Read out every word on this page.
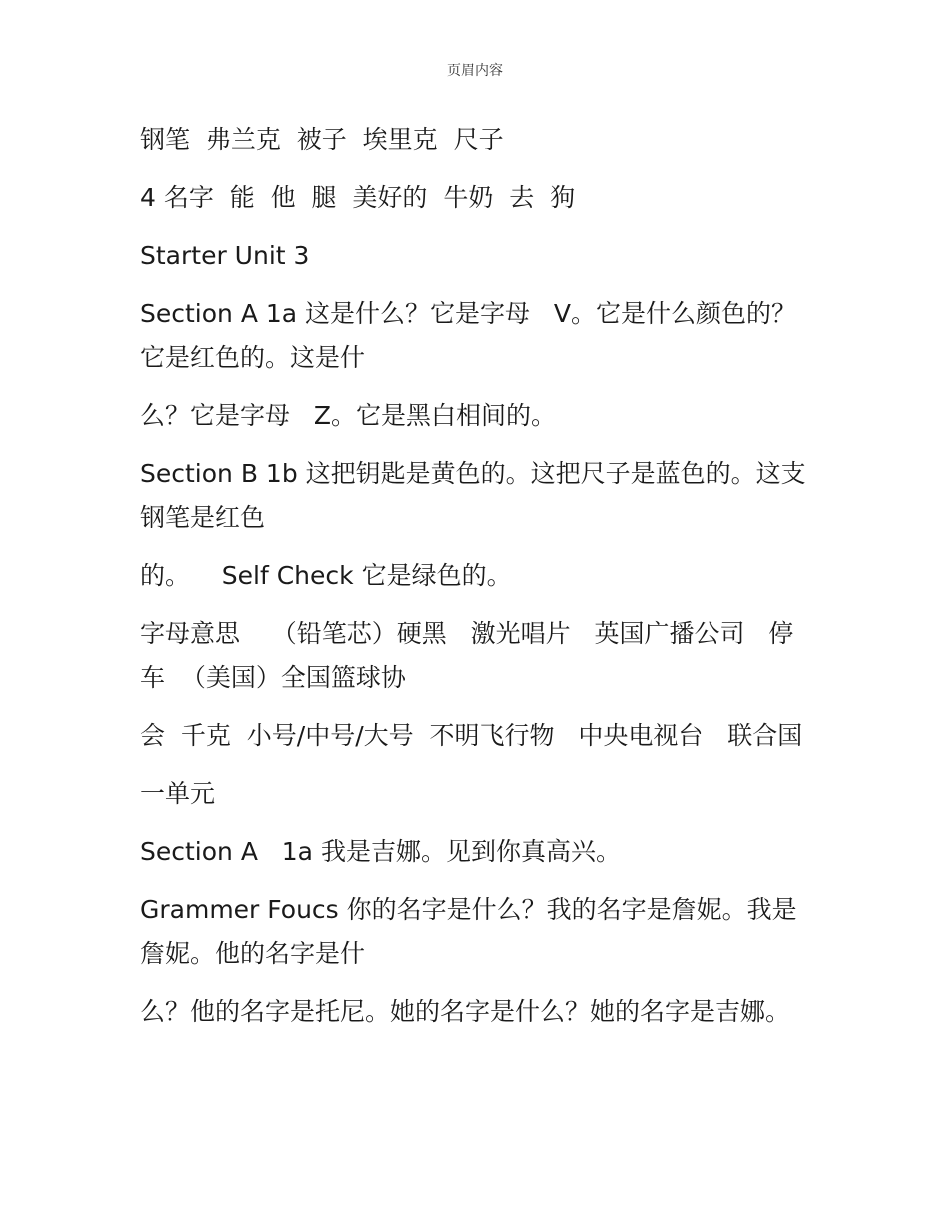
页眉内容

钢笔  弗兰克  被子  埃里克  尺子

4 名字  能  他  腿  美好的  牛奶  去  狗

Starter Unit 3

Section A 1a 这是什么？它是字母   V。它是什么颜色的？它是红色的。这是什

么？它是字母   Z。它是黑白相间的。

Section B 1b 这把钥匙是黄色的。这把尺子是蓝色的。这支钢笔是红色

的。    Self Check 它是绿色的。

字母意思    （铅笔芯）硬黑   激光唱片   英国广播公司   停车  （美国）全国篮球协

会  千克  小号/中号/大号  不明飞行物   中央电视台   联合国

一单元

Section A   1a 我是吉娜。见到你真高兴。

Grammer Foucs 你的名字是什么？我的名字是詹妮。我是詹妮。他的名字是什

么？他的名字是托尼。她的名字是什么？她的名字是吉娜。
